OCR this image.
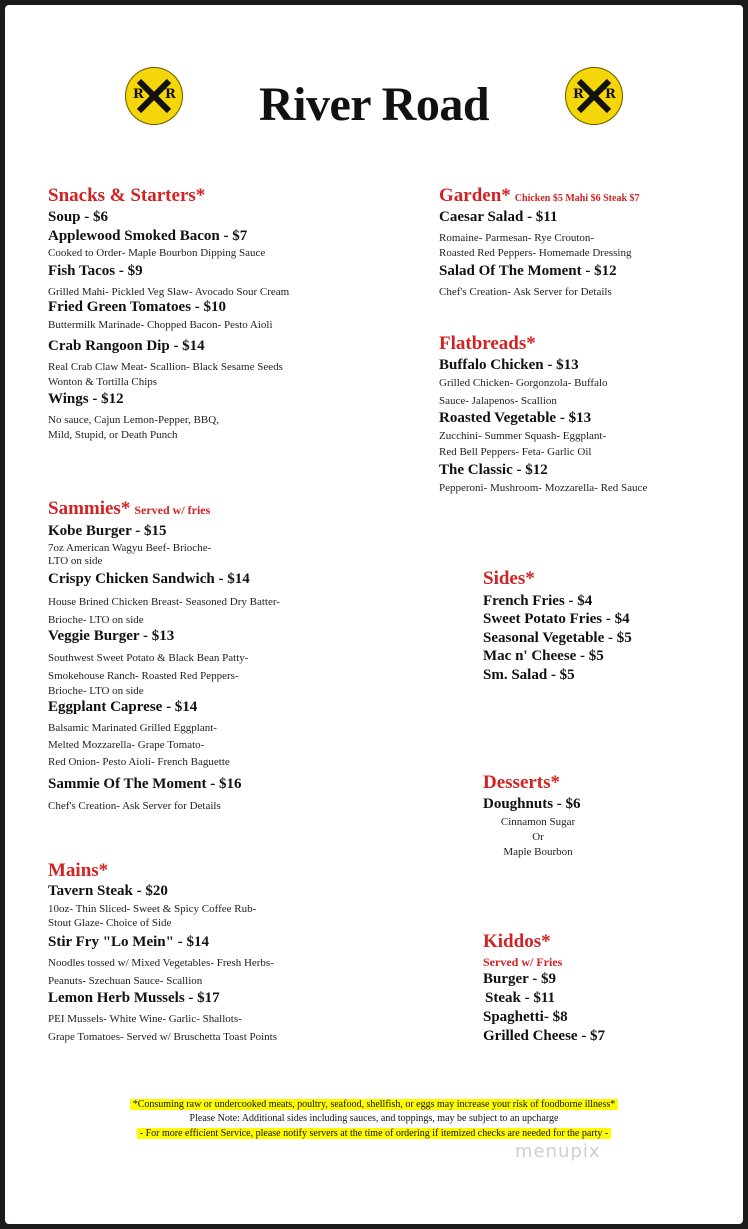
R R	R R
River Road
Snacks & Starters*
Soup - $6
Applewood Smoked Bacon - $7
Cooked to Order- Maple Bourbon Dipping Sauce
Fish Tacos - $9
Grilled Mahi- Pickled Veg Slaw- Avocado Sour Cream
Fried Green Tomatoes - $10
Buttermilk Marinade- Chopped Bacon- Pesto Aioli
Crab Rangoon Dip - $14
Real Crab Claw Meat- Scallion- Black Sesame Seeds
Wonton & Tortilla Chips
Wings - $12
No sauce, Cajun Lemon-Pepper, BBQ,
Mild, Stupid, or Death Punch
Sammies* Served w/ fries
Kobe Burger - $15
7oz American Wagyu Beef- Brioche-
LTO on side
Crispy Chicken Sandwich - $14
House Brined Chicken Breast- Seasoned Dry Batter-
Brioche- LTO on side
Veggie Burger - $13
Southwest Sweet Potato & Black Bean Patty-
Smokehouse Ranch- Roasted Red Peppers-
Brioche- LTO on side
Eggplant Caprese - $14
Balsamic Marinated Grilled Eggplant-
Melted Mozzarella- Grape Tomato-
Red Onion- Pesto Aioli- French Baguette
Sammie Of The Moment - $16
Chef's Creation- Ask Server for Details
Mains*
Tavern Steak - $20
10oz- Thin Sliced- Sweet & Spicy Coffee Rub-
Stout Glaze- Choice of Side
Stir Fry "Lo Mein" - $14
Noodles tossed w/ Mixed Vegetables- Fresh Herbs-
Peanuts- Szechuan Sauce- Scallion
Lemon Herb Mussels - $17
PEI Mussels- White Wine- Garlic- Shallots-
Grape Tomatoes- Served w/ Bruschetta Toast Points
Garden* Chicken $5 Mahi $6 Steak $7
Caesar Salad - $11
Romaine- Parmesan- Rye Crouton-
Roasted Red Peppers- Homemade Dressing
Salad Of The Moment - $12
Chef's Creation- Ask Server for Details
Flatbreads*
Buffalo Chicken - $13
Grilled Chicken- Gorgonzola- Buffalo
Sauce- Jalapenos- Scallion
Roasted Vegetable - $13
Zucchini- Summer Squash- Eggplant-
Red Bell Peppers- Feta- Garlic Oil
The Classic - $12
Pepperoni- Mushroom- Mozzarella- Red Sauce
Sides*
French Fries - $4
Sweet Potato Fries - $4
Seasonal Vegetable - $5
Mac n' Cheese - $5
Sm. Salad - $5
Desserts*
Doughnuts - $6
Cinnamon Sugar
Or
Maple Bourbon
Kiddos*
Served w/ Fries
Burger - $9
Steak - $11
Spaghetti- $8
Grilled Cheese - $7
*Consuming raw or undercooked meats, poultry, seafood, shellfish, or eggs may increase your risk of foodborne illness*
Please Note: Additional sides including sauces, and toppings, may be subject to an upcharge
- For more efficient Service, please notify servers at the time of ordering if itemized checks are needed for the party -
menupix
